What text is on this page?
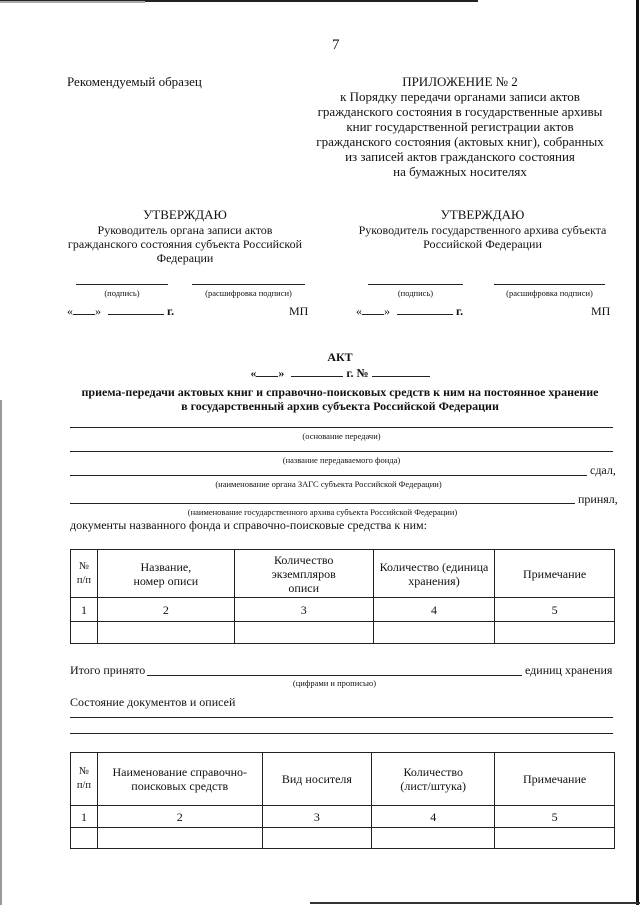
7
Рекомендуемый образец	ПРИЛОЖЕНИЕ № 2
к Порядку передачи органами записи актов
гражданского состояния в государственные архивы
книг государственной регистрации актов
гражданского состояния (актовых книг), собранных
из записей актов гражданского состояния
на бумажных носителях
УТВЕРЖДАЮ
Руководитель органа записи актов
гражданского состояния субъекта Российской
Федерации
(подпись)	(расшифровка подписи)
« »	г.	МП
УТВЕРЖДАЮ
Руководитель государственного архива субъекта
Российской Федерации
(подпись)	(расшифровка подписи)
« »	г.	МП
АКТ
« »	г. №
приема-передачи актовых книг и справочно-поисковых средств к ним на постоянное хранение
в государственный архив субъекта Российской Федерации
(основание передачи)
(название передаваемого фонда)
сдал,
(наименование органа ЗАГС субъекта Российской Федерации)
принял,
(наименование государственного архива субъекта Российской Федерации)
документы названного фонда и справочно-поисковые средства к ним:
№ п/п	Название, номер описи	Количество экземпляров описи	Количество (единица хранения)	Примечание
1	2	3	4	5

Итого принято	единиц хранения
(цифрами и прописью)
Состояние документов и описей
№ п/п	Наименование справочно-поисковых средств	Вид носителя	Количество (лист/штука)	Примечание
1	2	3	4	5
